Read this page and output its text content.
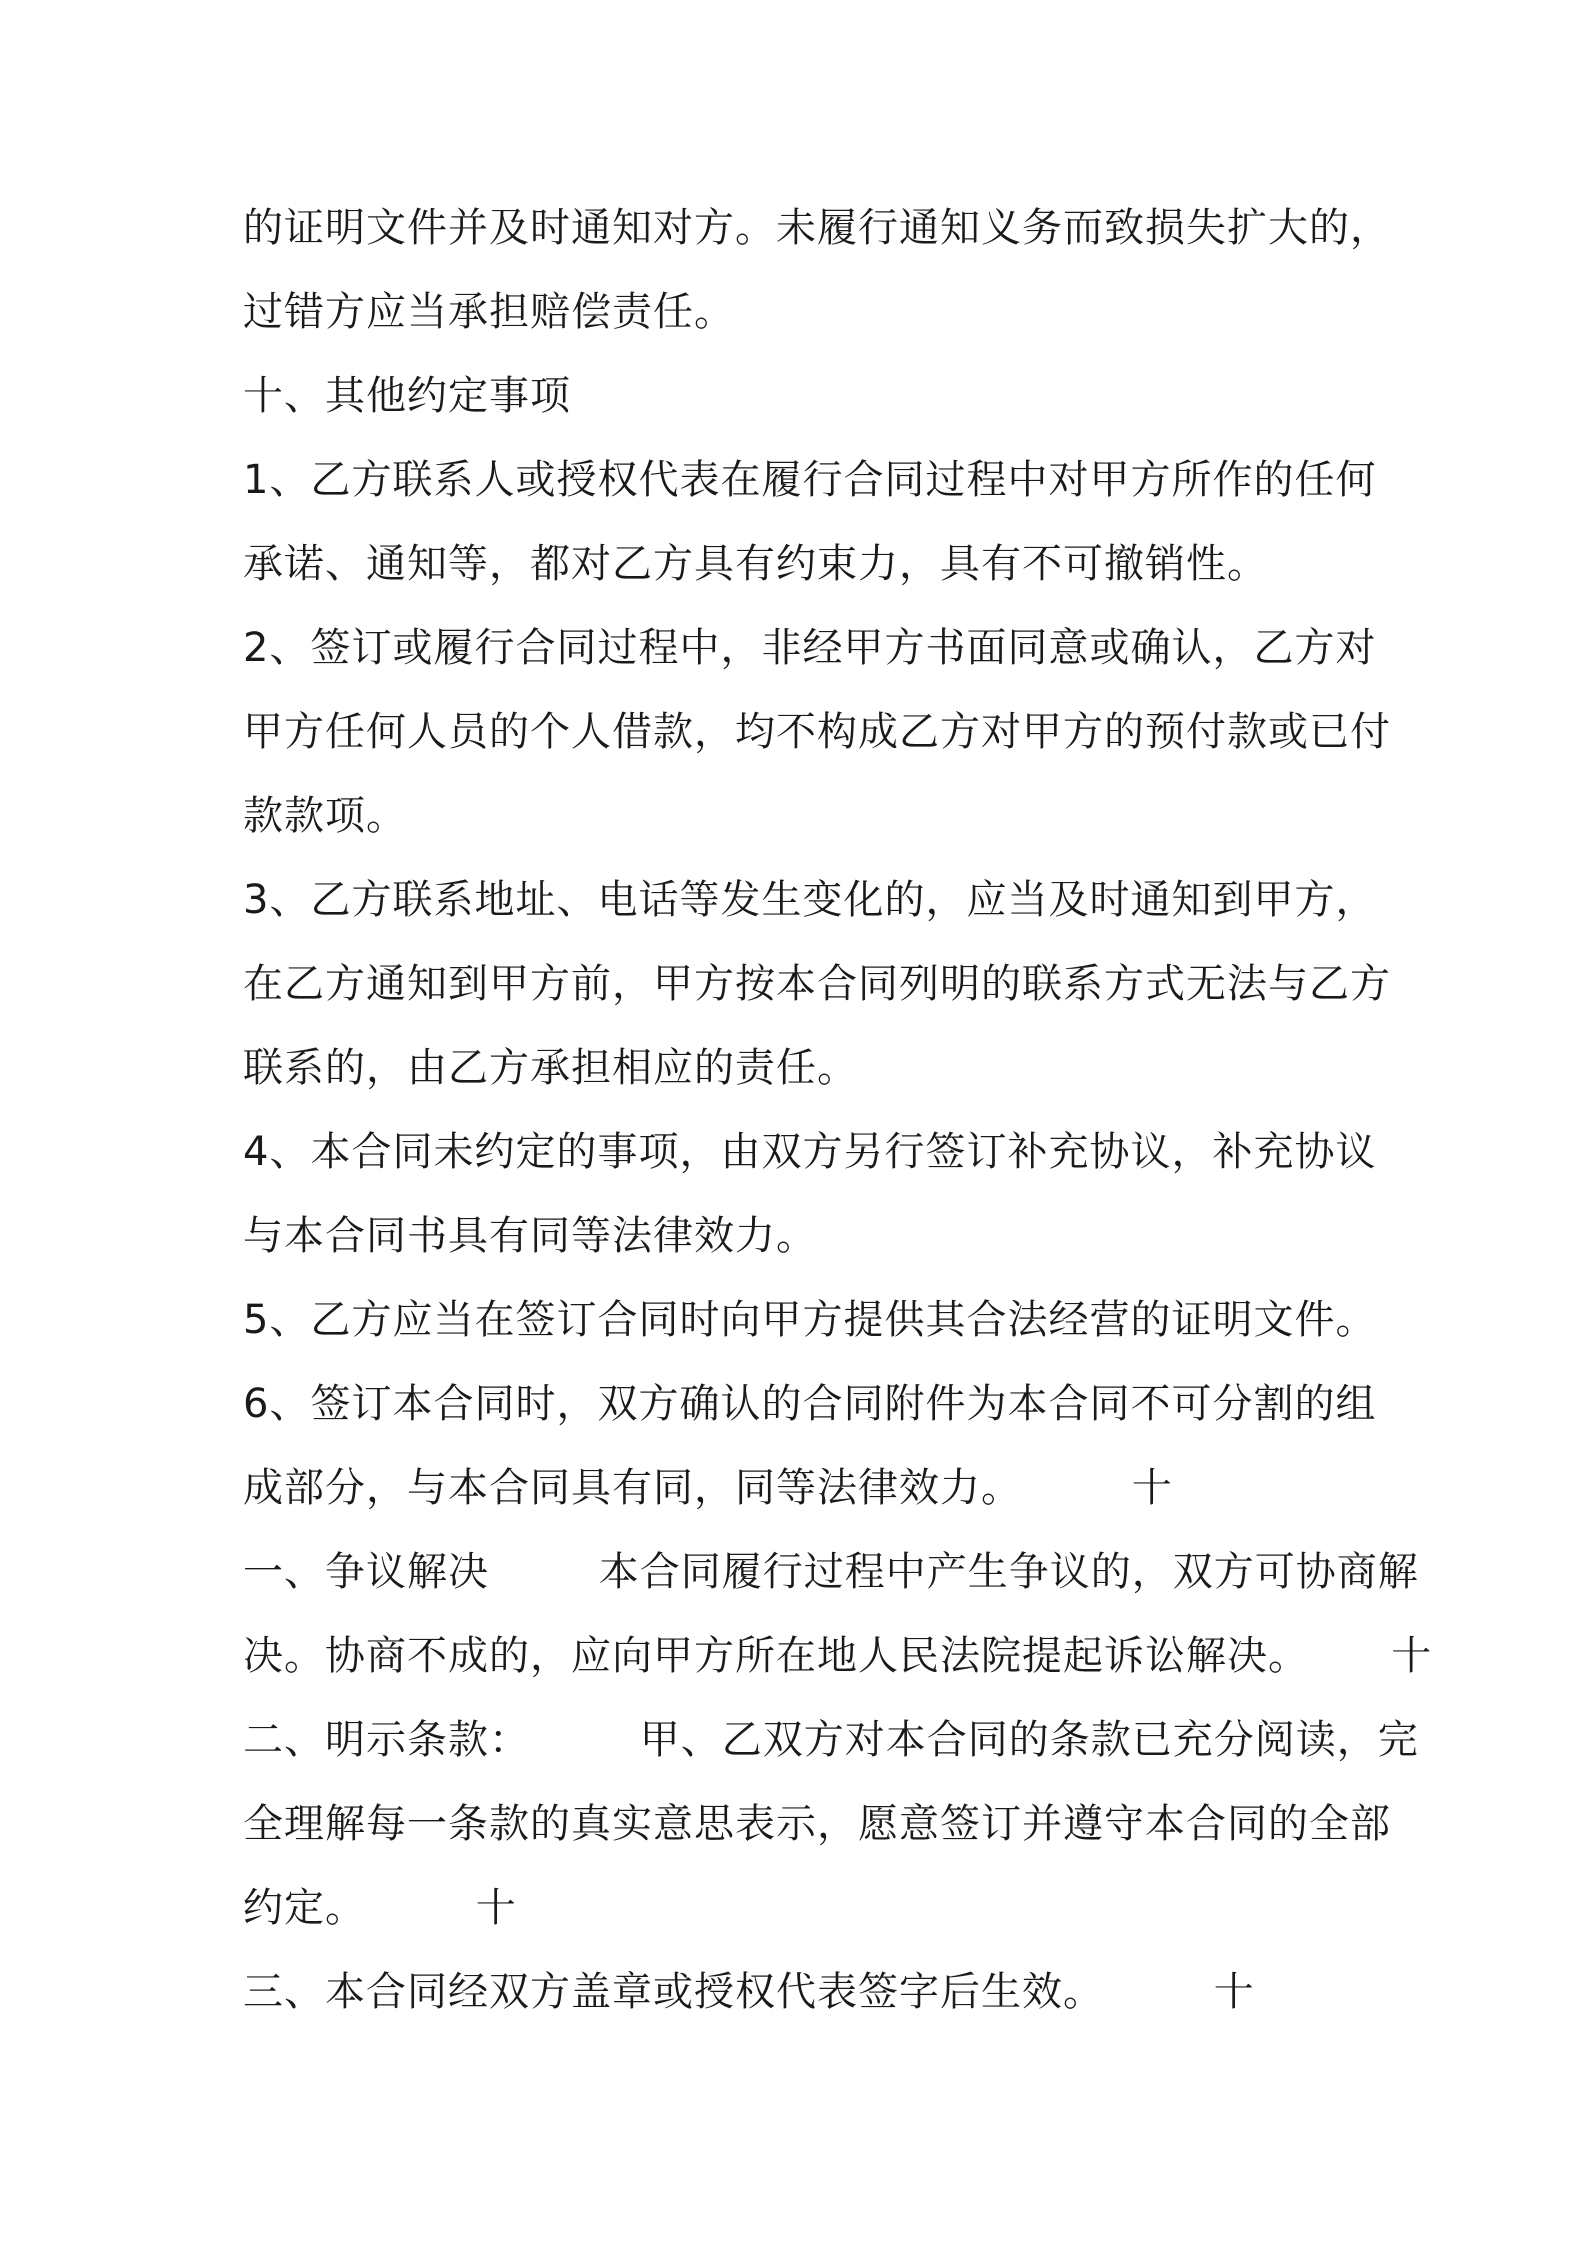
的证明文件并及时通知对方。未履行通知义务而致损失扩大的，
过错方应当承担赔偿责任。
十、其他约定事项
1、乙方联系人或授权代表在履行合同过程中对甲方所作的任何
承诺、通知等，都对乙方具有约束力，具有不可撤销性。
2、签订或履行合同过程中，非经甲方书面同意或确认，乙方对
甲方任何人员的个人借款，均不构成乙方对甲方的预付款或已付
款款项。
3、乙方联系地址、电话等发生变化的，应当及时通知到甲方，
在乙方通知到甲方前，甲方按本合同列明的联系方式无法与乙方
联系的，由乙方承担相应的责任。
4、本合同未约定的事项，由双方另行签订补充协议，补充协议
与本合同书具有同等法律效力。
5、乙方应当在签订合同时向甲方提供其合法经营的证明文件。
6、签订本合同时，双方确认的合同附件为本合同不可分割的组
成部分，与本合同具有同，同等法律效力。        十
一、争议解决        本合同履行过程中产生争议的，双方可协商解
决。协商不成的，应向甲方所在地人民法院提起诉讼解决。      十
二、明示条款：        甲、乙双方对本合同的条款已充分阅读，完
全理解每一条款的真实意思表示，愿意签订并遵守本合同的全部
约定。        十
三、本合同经双方盖章或授权代表签字后生效。        十
